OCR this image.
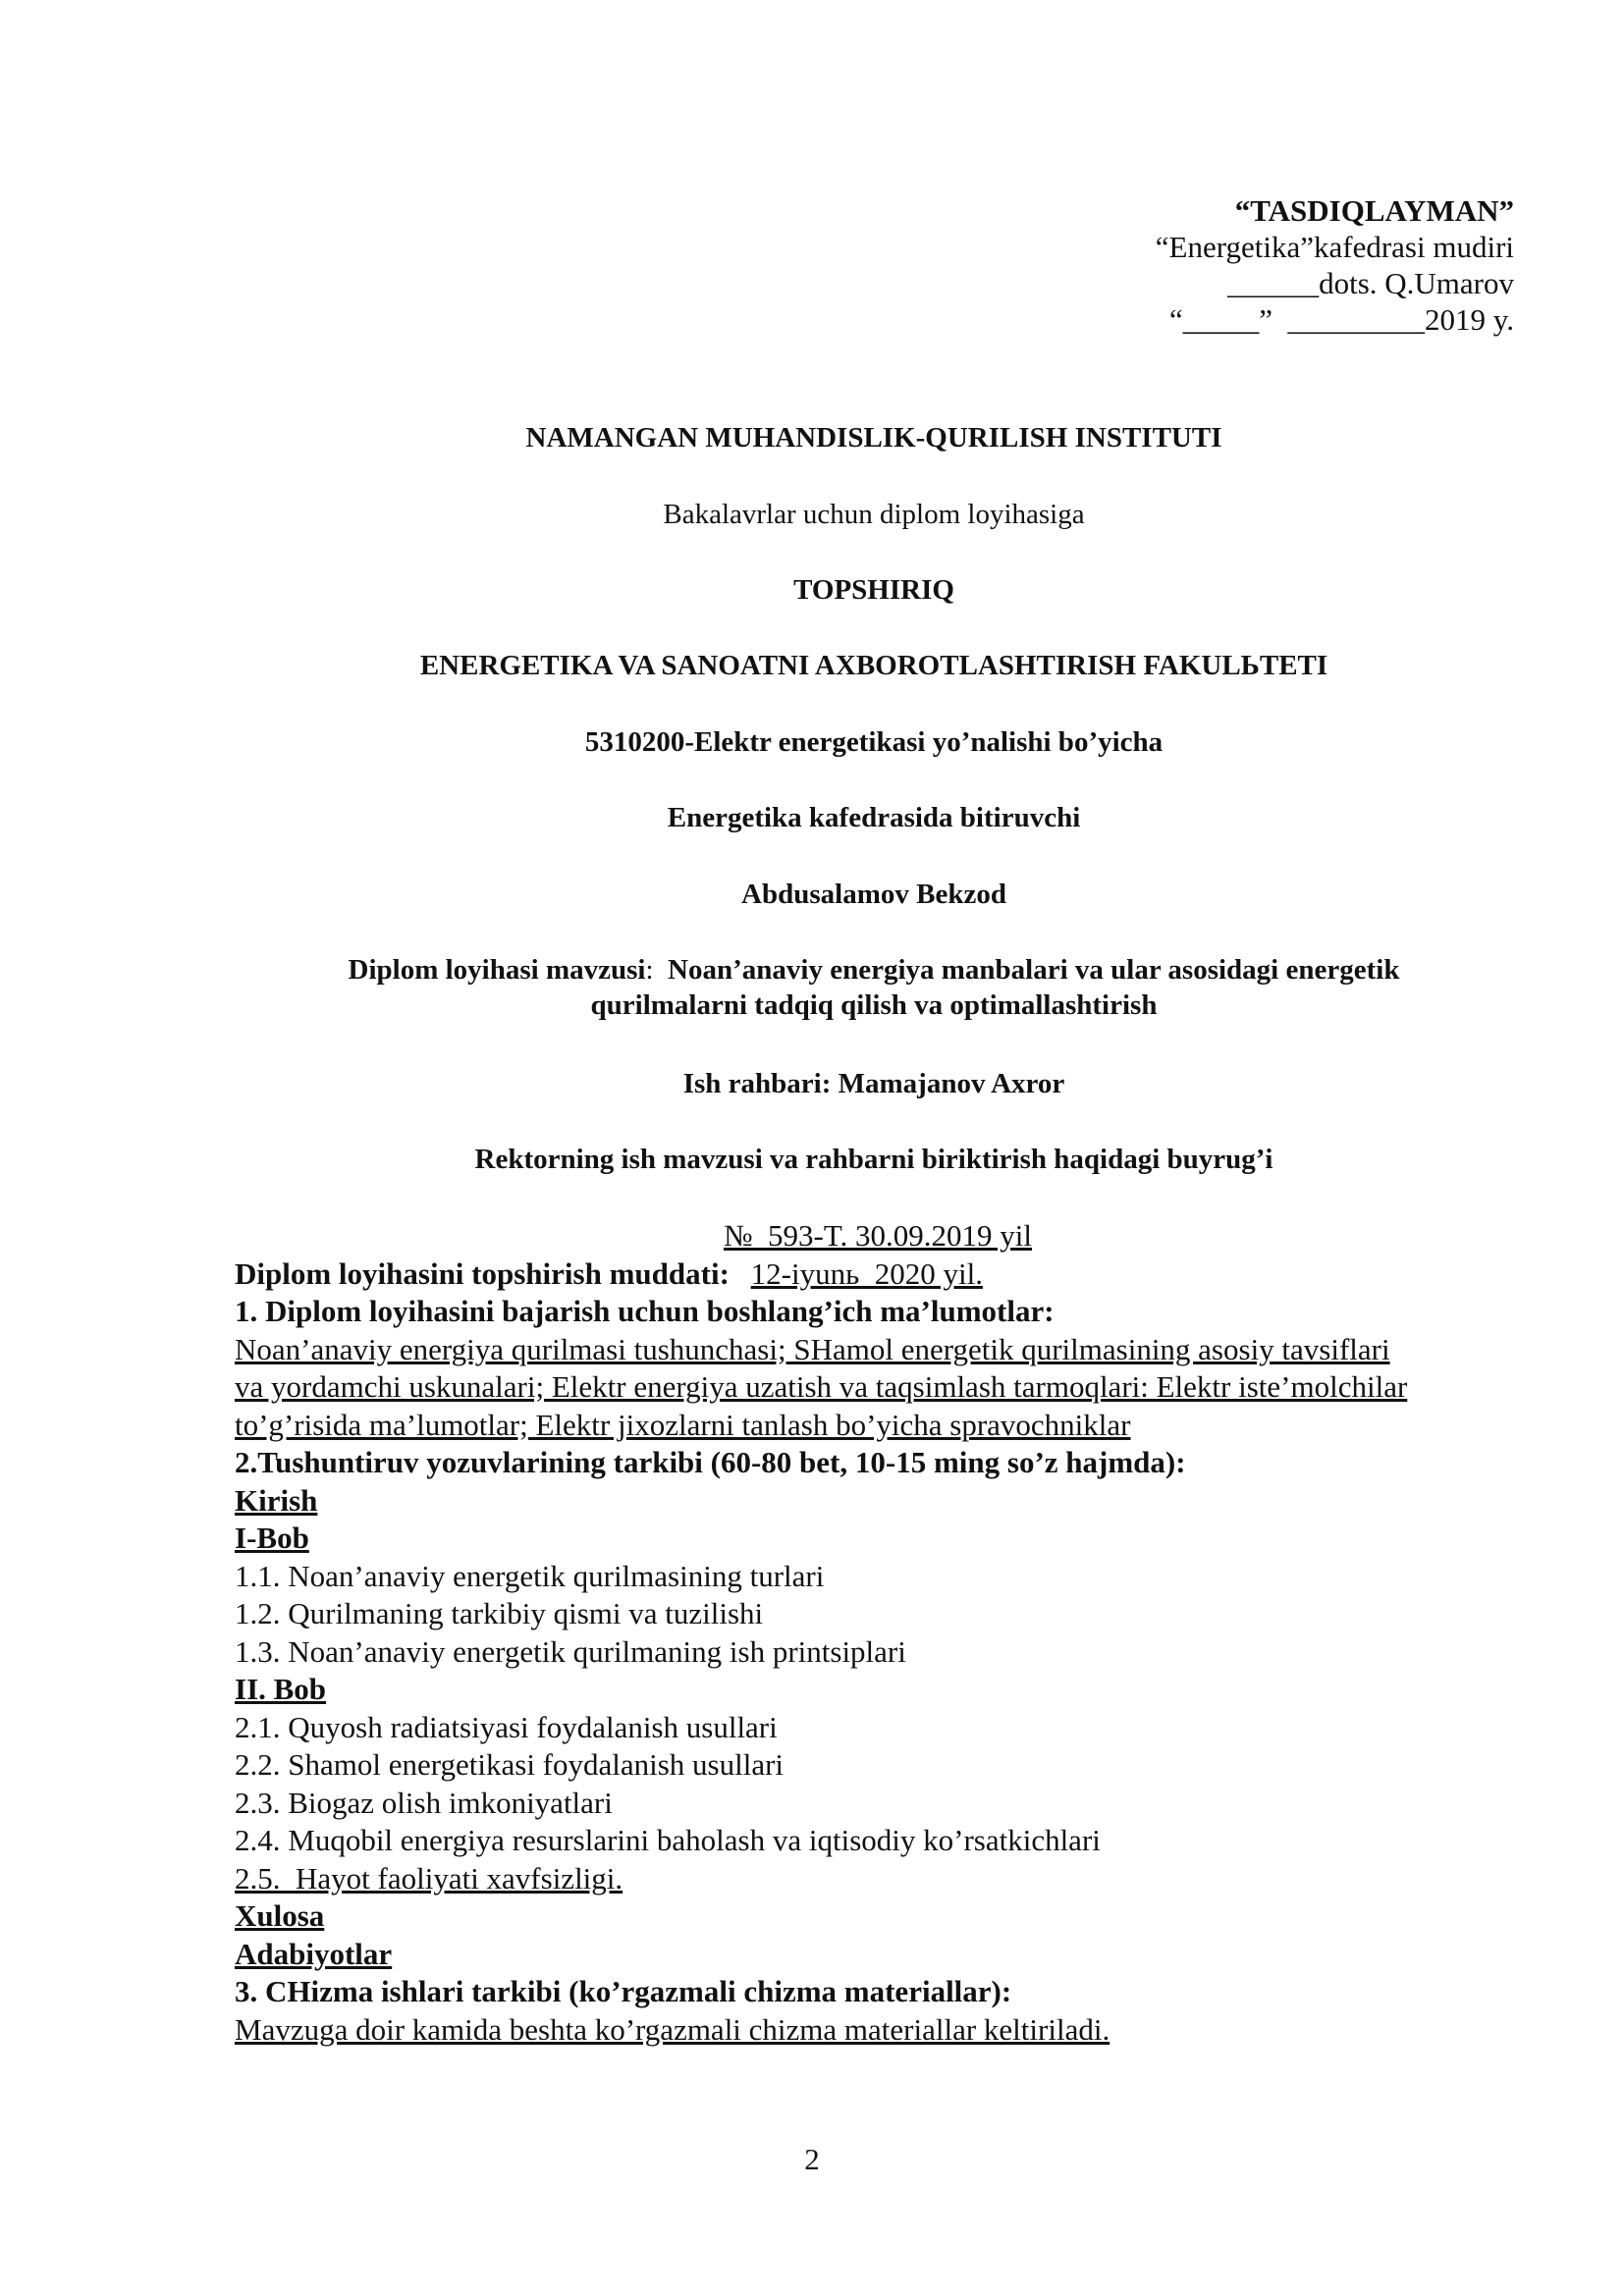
“TASDIQLAYMAN”
“Energetika”kafedrasi mudiri
______dots. Q.Umarov
“_____”  _________2019 y.
NAMANGAN MUHANDISLIK-QURILISH INSTITUTI
Bakalavrlar uchun diplom loyihasiga
TOPSHIRIQ
ENERGETIKA VA SANOATNI AXBOROTLASHTIRISH FAKULЬTETI
5310200-Elektr energetikasi yo’nalishi bo’yicha
Energetika kafedrasida bitiruvchi
Abdusalamov Bekzod
Diplom loyihasi mavzusi:  Noan’anaviy energiya manbalari va ular asosidagi energetik
qurilmalarni tadqiq qilish va optimallashtirish
Ish rahbari: Mamajanov Axror
Rektorning ish mavzusi va rahbarni biriktirish haqidagi buyrug’i
№  593-T. 30.09.2019 yil
Diplom loyihasini topshirish muddati: 12-iyunь  2020 yil.
1. Diplom loyihasini bajarish uchun boshlang’ich ma’lumotlar:
Noan’anaviy energiya qurilmasi tushunchasi; SHamol energetik qurilmasining asosiy tavsiflari
va yordamchi uskunalari; Elektr energiya uzatish va taqsimlash tarmoqlari: Elektr iste’molchilar
to’g’risida ma’lumotlar; Elektr jixozlarni tanlash bo’yicha spravochniklar
2.Tushuntiruv yozuvlarining tarkibi (60-80 bet, 10-15 ming so’z hajmda):
Kirish
I-Bob
1.1. Noan’anaviy energetik qurilmasining turlari
1.2. Qurilmaning tarkibiy qismi va tuzilishi
1.3. Noan’anaviy energetik qurilmaning ish printsiplari
II. Bob
2.1. Quyosh radiatsiyasi foydalanish usullari
2.2. Shamol energetikasi foydalanish usullari
2.3. Biogaz olish imkoniyatlari
2.4. Muqobil energiya resurslarini baholash va iqtisodiy ko’rsatkichlari
2.5.  Hayot faoliyati xavfsizligi.
Xulosa
Adabiyotlar
3. CHizma ishlari tarkibi (ko’rgazmali chizma materiallar):
Mavzuga doir kamida beshta ko’rgazmali chizma materiallar keltiriladi.
2
